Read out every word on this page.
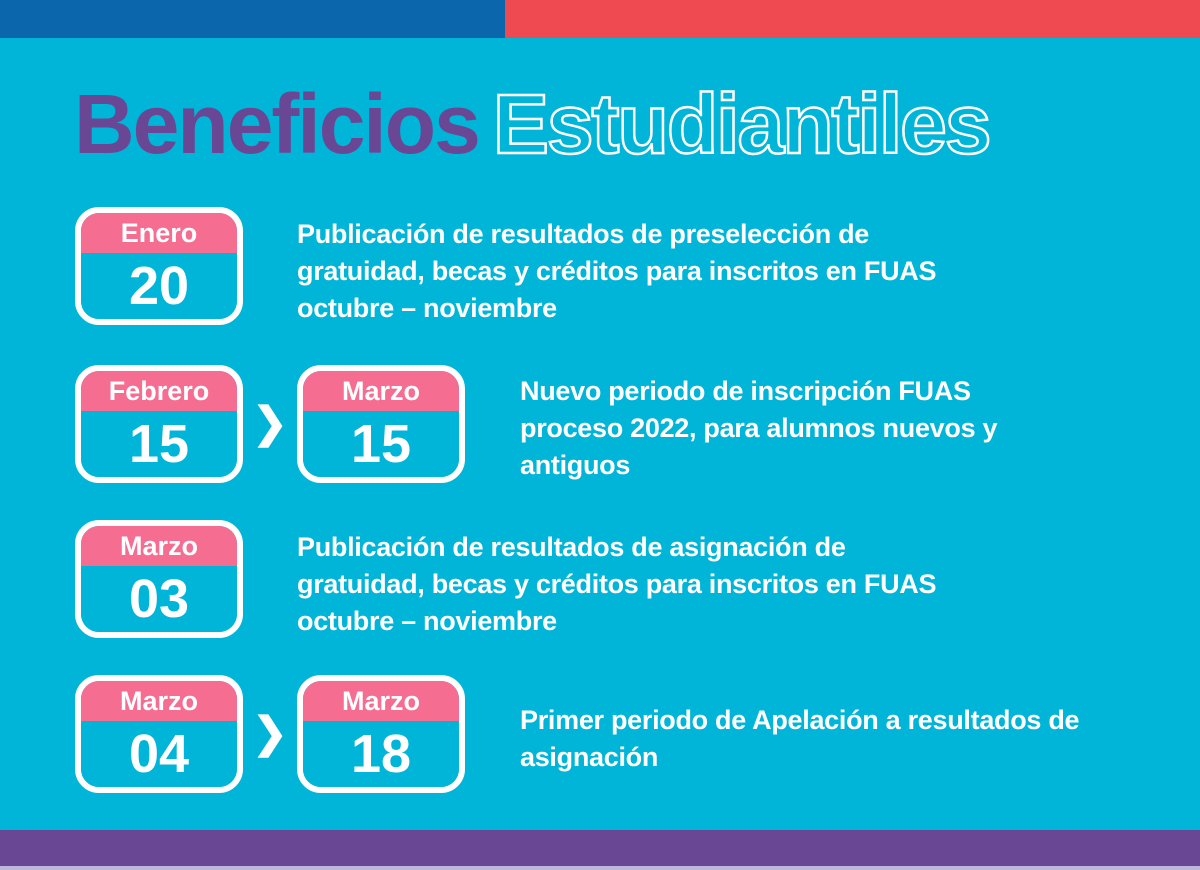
Beneficios Estudiantiles
Enero
20
Publicación de resultados de preselección de gratuidad, becas y créditos para inscritos en FUAS octubre – noviembre
Febrero
15	❯
Marzo
15
Nuevo periodo de inscripción FUAS proceso 2022, para alumnos nuevos y antiguos
Marzo
03
Publicación de resultados de asignación de gratuidad, becas y créditos para inscritos en FUAS octubre – noviembre
Marzo
04	❯
Marzo
18
Primer periodo de Apelación a resultados de asignación
